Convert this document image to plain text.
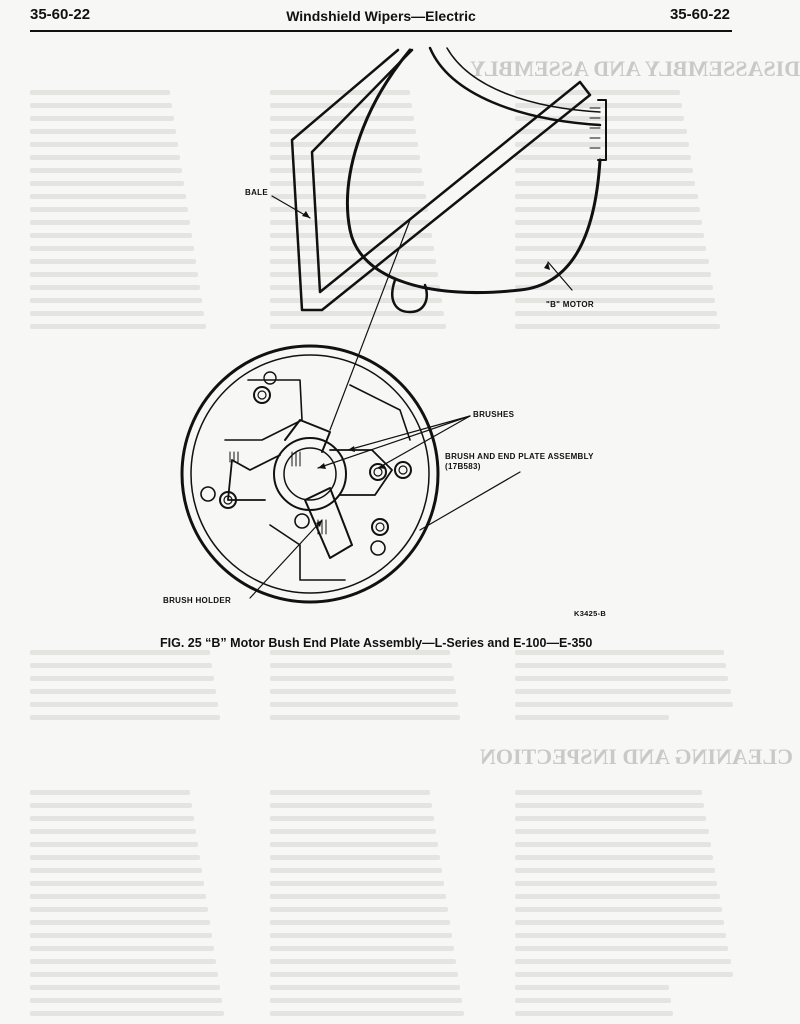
DISASSEMBLY AND ASSEMBLY
CLEANING AND INSPECTION
35-60-22	Windshield Wipers—Electric	35-60-22
BALE
"B" MOTOR
BRUSHES
BRUSH AND END PLATE ASSEMBLY
(17B583)
BRUSH HOLDER
K3425-B
FIG. 25 “B” Motor Bush End Plate Assembly—L-Series and E-100—E-350
